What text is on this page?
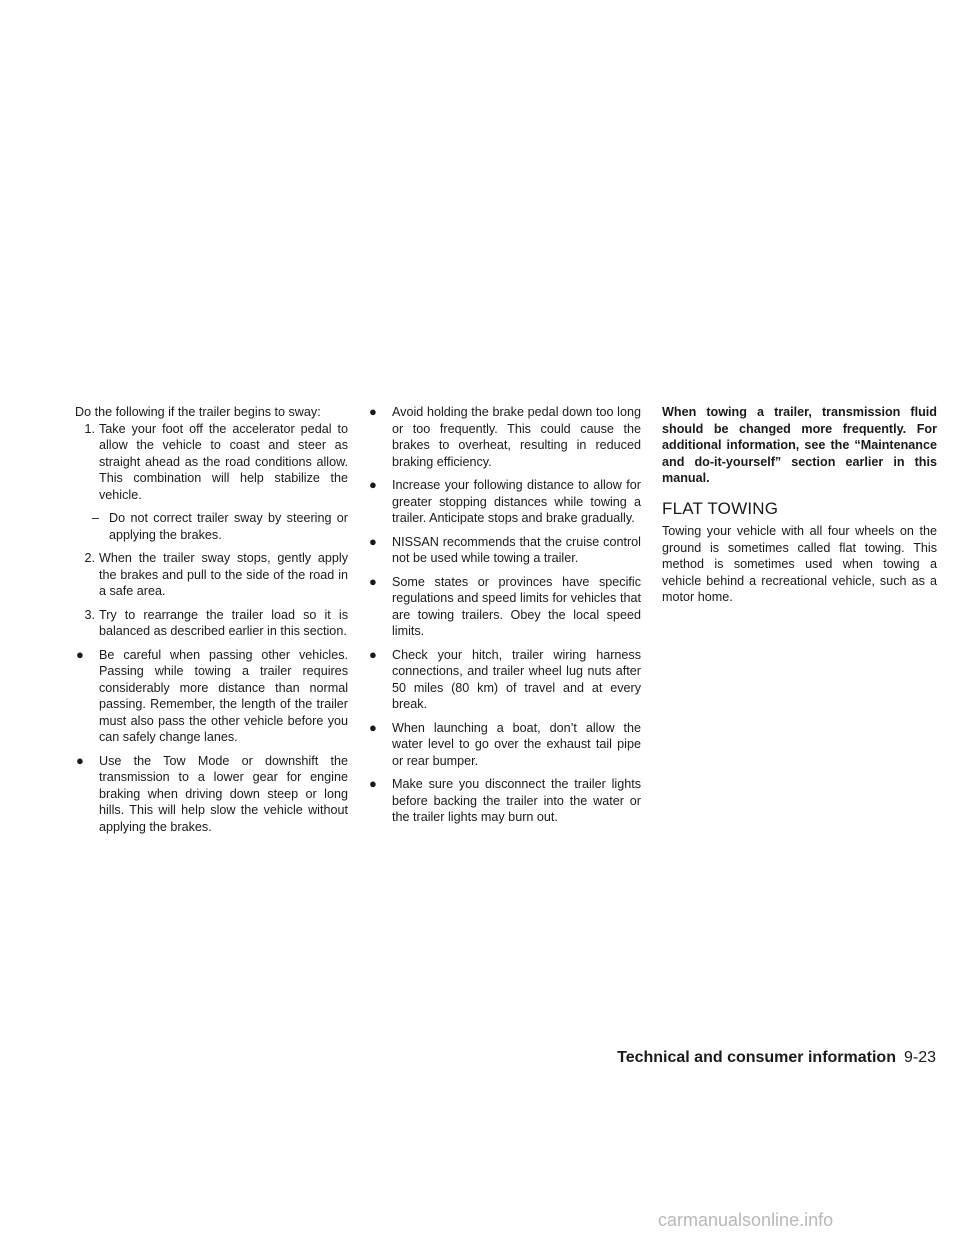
Do the following if the trailer begins to sway:

1. Take your foot off the accelerator pedal to allow the vehicle to coast and steer as straight ahead as the road conditions allow. This combination will help stabilize the vehicle.

– Do not correct trailer sway by steering or applying the brakes.

2. When the trailer sway stops, gently apply the brakes and pull to the side of the road in a safe area.

3. Try to rearrange the trailer load so it is balanced as described earlier in this section.

● Be careful when passing other vehicles. Passing while towing a trailer requires considerably more distance than normal passing. Remember, the length of the trailer must also pass the other vehicle before you can safely change lanes.

● Use the Tow Mode or downshift the transmission to a lower gear for engine braking when driving down steep or long hills. This will help slow the vehicle without applying the brakes.

● Avoid holding the brake pedal down too long or too frequently. This could cause the brakes to overheat, resulting in reduced braking efficiency.

● Increase your following distance to allow for greater stopping distances while towing a trailer. Anticipate stops and brake gradually.

● NISSAN recommends that the cruise control not be used while towing a trailer.

● Some states or provinces have specific regulations and speed limits for vehicles that are towing trailers. Obey the local speed limits.

● Check your hitch, trailer wiring harness connections, and trailer wheel lug nuts after 50 miles (80 km) of travel and at every break.

● When launching a boat, don’t allow the water level to go over the exhaust tail pipe or rear bumper.

● Make sure you disconnect the trailer lights before backing the trailer into the water or the trailer lights may burn out.

When towing a trailer, transmission fluid should be changed more frequently. For additional information, see the “Maintenance and do-it-yourself” section earlier in this manual.

FLAT TOWING

Towing your vehicle with all four wheels on the ground is sometimes called flat towing. This method is sometimes used when towing a vehicle behind a recreational vehicle, such as a motor home.

Technical and consumer information 9-23
carmanualsonline.info
